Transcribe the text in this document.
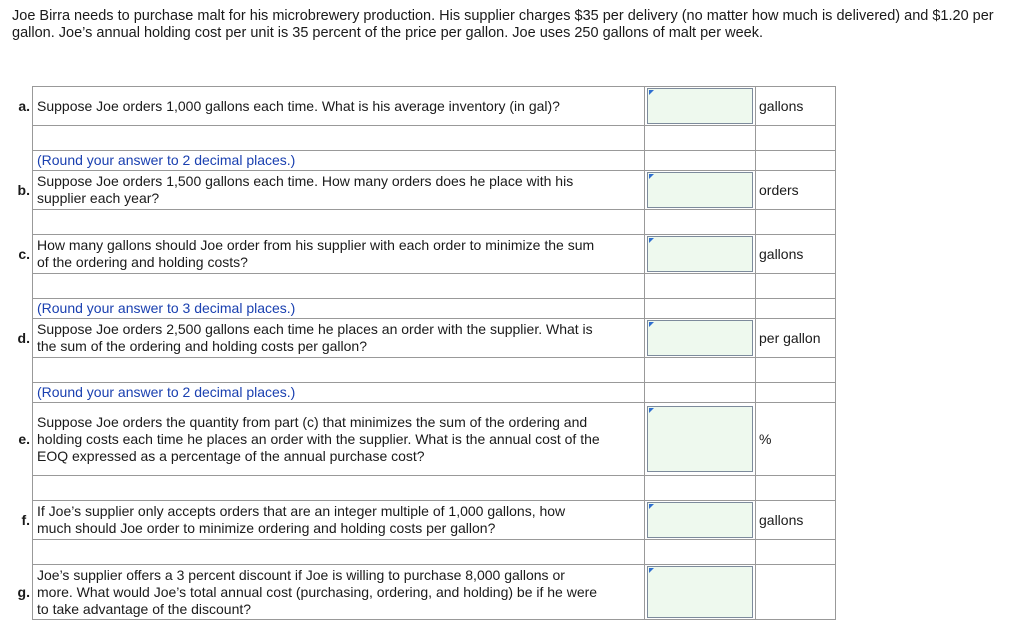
Joe Birra needs to purchase malt for his microbrewery production. His supplier charges $35 per delivery (no matter how much is delivered) and $1.20 per gallon. Joe’s annual holding cost per unit is 35 percent of the price per gallon. Joe uses 250 gallons of malt per week.

a.	Suppose Joe orders 1,000 gallons each time. What is his average inventory (in gal)?			gallons

	(Round your answer to 2 decimal places.)			
b.	Suppose Joe orders 1,500 gallons each time. How many orders does he place with his supplier each year?			orders

c.	How many gallons should Joe order from his supplier with each order to minimize the sum of the ordering and holding costs?			gallons

	(Round your answer to 3 decimal places.)			
d.	Suppose Joe orders 2,500 gallons each time he places an order with the supplier. What is the sum of the ordering and holding costs per gallon?			per gallon

	(Round your answer to 2 decimal places.)			
e.	Suppose Joe orders the quantity from part (c) that minimizes the sum of the ordering and holding costs each time he places an order with the supplier. What is the annual cost of the EOQ expressed as a percentage of the annual purchase cost?			%

f.	If Joe’s supplier only accepts orders that are an integer multiple of 1,000 gallons, how much should Joe order to minimize ordering and holding costs per gallon?			gallons

g.	Joe’s supplier offers a 3 percent discount if Joe is willing to purchase 8,000 gallons or more. What would Joe’s total annual cost (purchasing, ordering, and holding) be if he were to take advantage of the discount?		
